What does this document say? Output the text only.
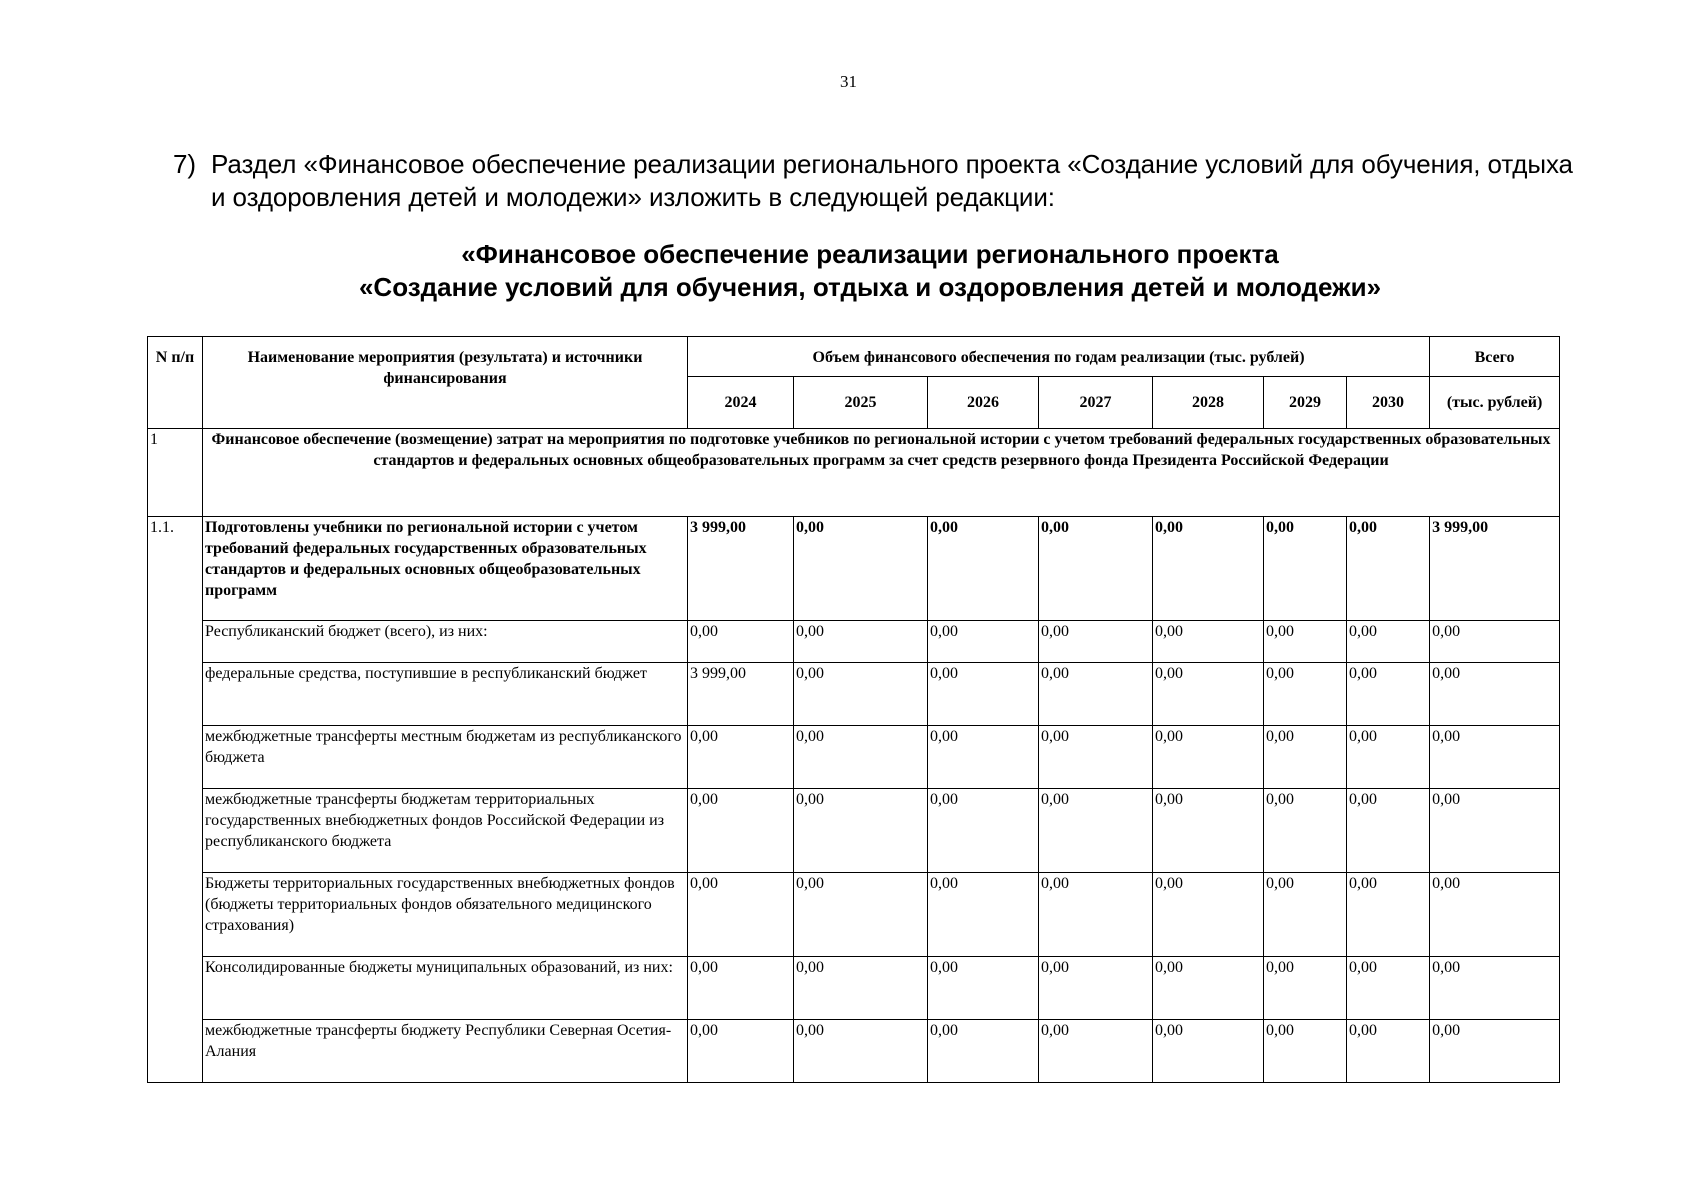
31
7) Раздел «Финансовое обеспечение реализации регионального проекта «Создание условий для обучения, отдыха и оздоровления детей и молодежи» изложить в следующей редакции:
«Финансовое обеспечение реализации регионального проекта
«Создание условий для обучения, отдыха и оздоровления детей и молодежи»
N п/п	Наименование мероприятия (результата) и источники финансирования	Объем финансового обеспечения по годам реализации (тыс. рублей)							Всего
		2024	2025	2026	2027	2028	2029	2030	(тыс. рублей)
1	Финансовое обеспечение (возмещение) затрат на мероприятия по подготовке учебников по региональной истории с учетом требований федеральных государственных образовательных стандартов и федеральных основных общеобразовательных программ за счет средств резервного фонда Президента Российской Федерации								
1.1.	Подготовлены учебники по региональной истории с учетом требований федеральных государственных образовательных стандартов и федеральных основных общеобразовательных программ	3 999,00	0,00	0,00	0,00	0,00	0,00	0,00	3 999,00
	Республиканский бюджет (всего), из них:	0,00	0,00	0,00	0,00	0,00	0,00	0,00	0,00
	федеральные средства, поступившие в республиканский бюджет	3 999,00	0,00	0,00	0,00	0,00	0,00	0,00	0,00
	межбюджетные трансферты местным бюджетам из республиканского бюджета	0,00	0,00	0,00	0,00	0,00	0,00	0,00	0,00
	межбюджетные трансферты бюджетам территориальных государственных внебюджетных фондов Российской Федерации из республиканского бюджета	0,00	0,00	0,00	0,00	0,00	0,00	0,00	0,00
	Бюджеты территориальных государственных внебюджетных фондов (бюджеты территориальных фондов обязательного медицинского страхования)	0,00	0,00	0,00	0,00	0,00	0,00	0,00	0,00
	Консолидированные бюджеты муниципальных образований, из них:	0,00	0,00	0,00	0,00	0,00	0,00	0,00	0,00
	межбюджетные трансферты бюджету Республики Северная Осетия-Алания	0,00	0,00	0,00	0,00	0,00	0,00	0,00	0,00
